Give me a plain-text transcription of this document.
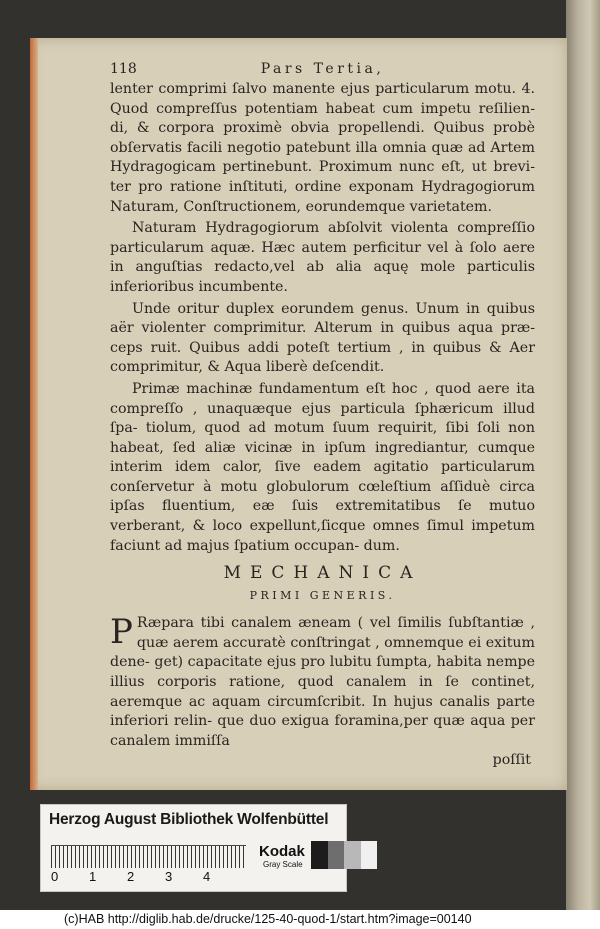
118	Pars Tertia,

lenter comprimi ſalvo manente ejus particularum motu. 4. Quod compreſſus potentiam habeat cum impetu reſilien- di, & corpora proximè obvia propellendi. Quibus probè obſervatis facili negotio patebunt illa omnia quæ ad Artem Hydragogicam pertinebunt. Proximum nunc eſt, ut brevi- ter pro ratione inſtituti, ordine exponam Hydragogiorum Naturam, Conſtructionem, eorundemque varietatem.

Naturam Hydragogiorum abſolvit violenta compreſſio particularum aquæ. Hæc autem perficitur vel à ſolo aere in anguſtias redacto,vel ab alia aquę mole particulis inferioribus incumbente.

Unde oritur duplex eorundem genus. Unum in quibus aër violenter comprimitur. Alterum in quibus aqua præ- ceps ruit. Quibus addi poteſt tertium , in quibus & Aer comprimitur, & Aqua liberè deſcendit.

Primæ machinæ fundamentum eſt hoc , quod aere ita compreſſo , unaquæque ejus particula ſphæricum illud ſpa- tiolum, quod ad motum ſuum requirit, ſibi ſoli non habeat, ſed aliæ vicinæ in ipſum ingrediantur, cumque interim idem calor, ſive eadem agitatio particularum conſervetur à motu globulorum cœleſtium aſſiduè circa ipſas fluentium, eæ ſuis extremitatibus ſe mutuo verberant, & loco expellunt,ſicque omnes ſimul impetum faciunt ad majus ſpatium occupan- dum.

MECHANICA
PRIMI GENERIS.
P Ræpara tibi canalem æneam ( vel ſimilis ſubſtantiæ , quæ aerem accuratè conſtringat , omnemque ei exitum dene- get) capacitate ejus pro lubitu ſumpta, habita nempe illius corporis ratione, quod canalem in ſe continet, aeremque ac aquam circumſcribit. In hujus canalis parte inferiori relin- que duo exigua foramina,per quæ aqua per canalem immiſſa
poſſit
Herzog August Bibliothek Wolfenbüttel
0 1 2 3 4
Kodak
Gray Scale
(c)HAB http://diglib.hab.de/drucke/125-40-quod-1/start.htm?image=00140
